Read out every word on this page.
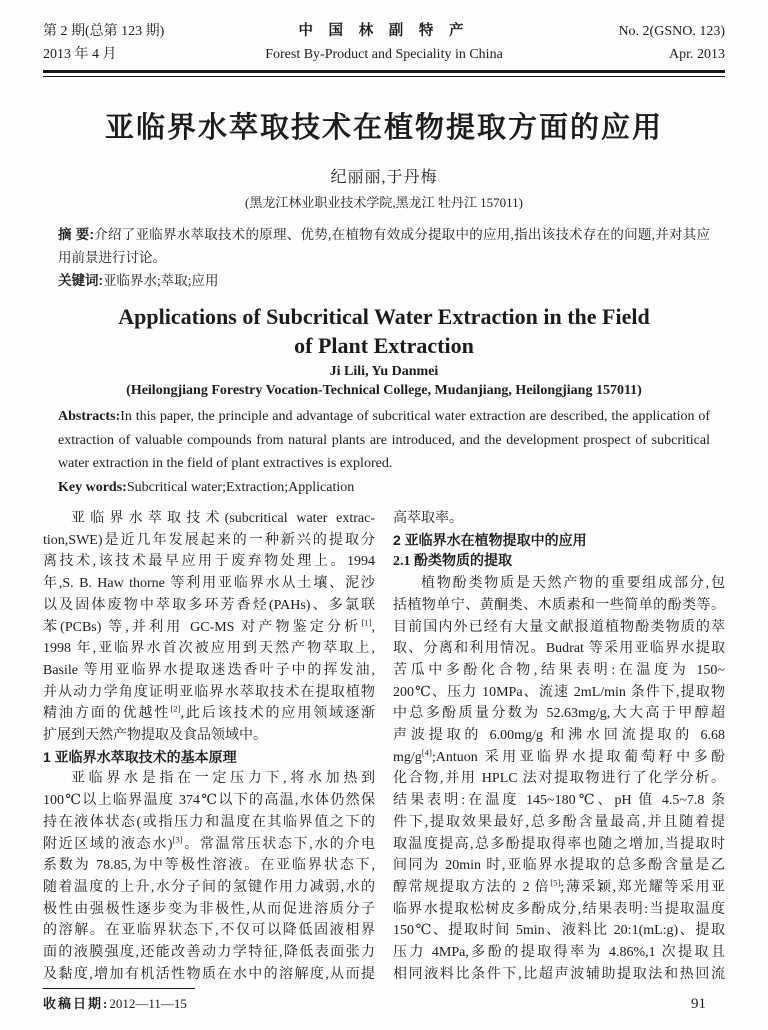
第 2 期(总第 123 期)
2013 年 4 月
中 国 林 副 特 产
Forest By-Product and Speciality in China
No. 2(GSNO. 123)
Apr. 2013
亚临界水萃取技术在植物提取方面的应用
纪丽丽,于丹梅
(黑龙江林业职业技术学院,黑龙江 牡丹江 157011)
摘 要:介绍了亚临界水萃取技术的原理、优势,在植物有效成分提取中的应用,指出该技术存在的问题,并对其应用前景进行讨论。
关键词:亚临界水;萃取;应用
Applications of Subcritical Water Extraction in the Field
of Plant Extraction
Ji Lili, Yu Danmei
(Heilongjiang Forestry Vocation-Technical College, Mudanjiang, Heilongjiang 157011)
Abstracts:In this paper, the principle and advantage of subcritical water extraction are described, the application of extraction of valuable compounds from natural plants are introduced, and the development prospect of subcritical water extraction in the field of plant extractives is explored.
Key words:Subcritical water;Extraction;Application
亚临界水萃取技术(subcritical water extrac-
tion,SWE)是近几年发展起来的一种新兴的提取分
离技术,该技术最早应用于废弃物处理上。1994
年,S. B. Haw thorne 等利用亚临界水从土壤、泥沙
以及固体废物中萃取多环芳香烃(PAHs)、多氯联
苯(PCBs) 等,并利用 GC-MS 对产物鉴定分析[1],
1998 年,亚临界水首次被应用到天然产物萃取上,
Basile 等用亚临界水提取迷迭香叶子中的挥发油,
并从动力学角度证明亚临界水萃取技术在提取植物
精油方面的优越性[2],此后该技术的应用领域逐渐
扩展到天然产物提取及食品领域中。
1 亚临界水萃取技术的基本原理
亚临界水是指在一定压力下,将水加热到
100℃以上临界温度 374℃以下的高温,水体仍然保
持在液体状态(或指压力和温度在其临界值之下的
附近区域的液态水)[3]。常温常压状态下,水的介电
系数为 78.85,为中等极性溶液。在亚临界状态下,
随着温度的上升,水分子间的氢键作用力减弱,水的
极性由强极性逐步变为非极性,从而促进溶质分子
的溶解。在亚临界状态下,不仅可以降低固液相界
面的液膜强度,还能改善动力学特征,降低表面张力
及黏度,增加有机活性物质在水中的溶解度,从而提
高萃取率。
2 亚临界水在植物提取中的应用
2.1 酚类物质的提取
植物酚类物质是天然产物的重要组成部分,包
括植物单宁、黄酮类、木质素和一些简单的酚类等。
目前国内外已经有大量文献报道植物酚类物质的萃
取、分离和利用情况。Budrat 等采用亚临界水提取
苦瓜中多酚化合物,结果表明:在温度为 150~
200℃、压力 10MPa、流速 2mL/min 条件下,提取物
中总多酚质量分数为 52.63mg/g,大大高于甲醇超
声波提取的 6.00mg/g 和沸水回流提取的 6.68
mg/g[4];Antuon 采用亚临界水提取葡萄籽中多酚
化合物,并用 HPLC 法对提取物进行了化学分析。
结果表明:在温度 145~180℃、pH 值 4.5~7.8 条
件下,提取效果最好,总多酚含量最高,并且随着提
取温度提高,总多酚提取得率也随之增加,当提取时
间同为 20min 时,亚临界水提取的总多酚含量是乙
醇常规提取方法的 2 倍[5];薄采颖,郑光耀等采用亚
临界水提取松树皮多酚成分,结果表明:当提取温度
150℃、提取时间 5min、液料比 20:1(mL:g)、提取
压力 4MPa,多酚的提取得率为 4.86%,1 次提取且
相同液料比条件下,比超声波辅助提取法和热回流
收稿日期:2012—11—15	91
